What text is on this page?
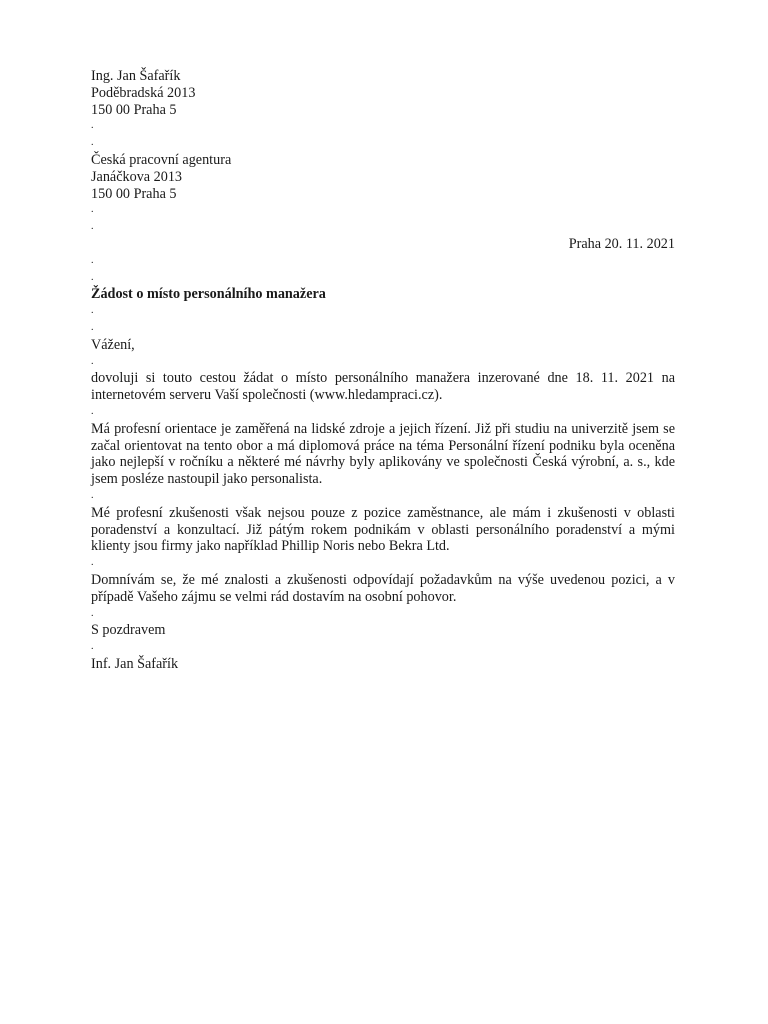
Ing. Jan Šafařík
Poděbradská 2013
150 00 Praha 5
.
.
Česká pracovní agentura
Janáčkova 2013
150 00 Praha 5
.
.
Praha 20. 11. 2021
.
.
Žádost o místo personálního manažera
.
.
Vážení,
.
dovoluji si touto cestou žádat o místo personálního manažera inzerované dne 18. 11. 2021 na internetovém serveru Vaší společnosti (www.hledampraci.cz).
.
Má profesní orientace je zaměřená na lidské zdroje a jejich řízení. Již při studiu na univerzitě jsem se začal orientovat na tento obor a má diplomová práce na téma Personální řízení podniku byla oceněna jako nejlepší v ročníku a některé mé návrhy byly aplikovány ve společnosti Česká výrobní, a. s., kde jsem posléze nastoupil jako personalista.
.
Mé profesní zkušenosti však nejsou pouze z pozice zaměstnance, ale mám i zkušenosti v oblasti poradenství a konzultací. Již pátým rokem podnikám v oblasti personálního poradenství a mými klienty jsou firmy jako například Phillip Noris nebo Bekra Ltd.
.
Domnívám se, že mé znalosti a zkušenosti odpovídají požadavkům na výše uvedenou pozici, a v případě Vašeho zájmu se velmi rád dostavím na osobní pohovor.
.
S pozdravem
.
Inf. Jan Šafařík
